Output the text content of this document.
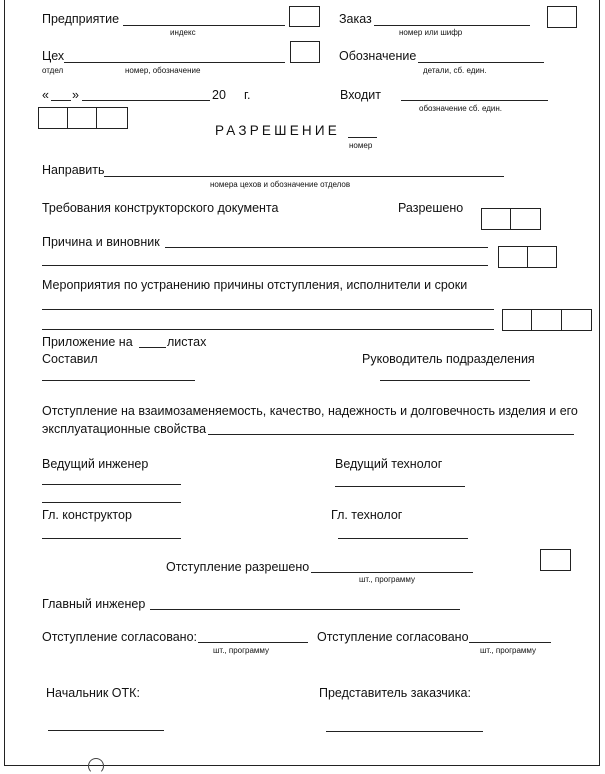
Предприятие
индекс
Заказ
номер или шифр
Цех
отдел	номер, обозначение
Обозначение
детали, сб. един.
« »	20 г.	Входит
обозначение сб. един.
РАЗРЕШЕНИЕ
номер
Направить
номера цехов и обозначение отделов
Требования конструкторского документа	Разрешено
Причина и виновник
Мероприятия по устранению причины отступления, исполнители и сроки
Приложение на	листах
Составил	Руководитель подразделения
Отступление на взаимозаменяемость, качество, надежность и долговечность изделия и его
эксплуатационные свойства
Ведущий инженер	Ведущий технолог
Гл. конструктор	Гл. технолог
Отступление разрешено
шт., программу
Главный инженер
Отступление согласовано:
шт., программу
Отступление согласовано
шт., программу
Начальник ОТК:	Представитель заказчика:
